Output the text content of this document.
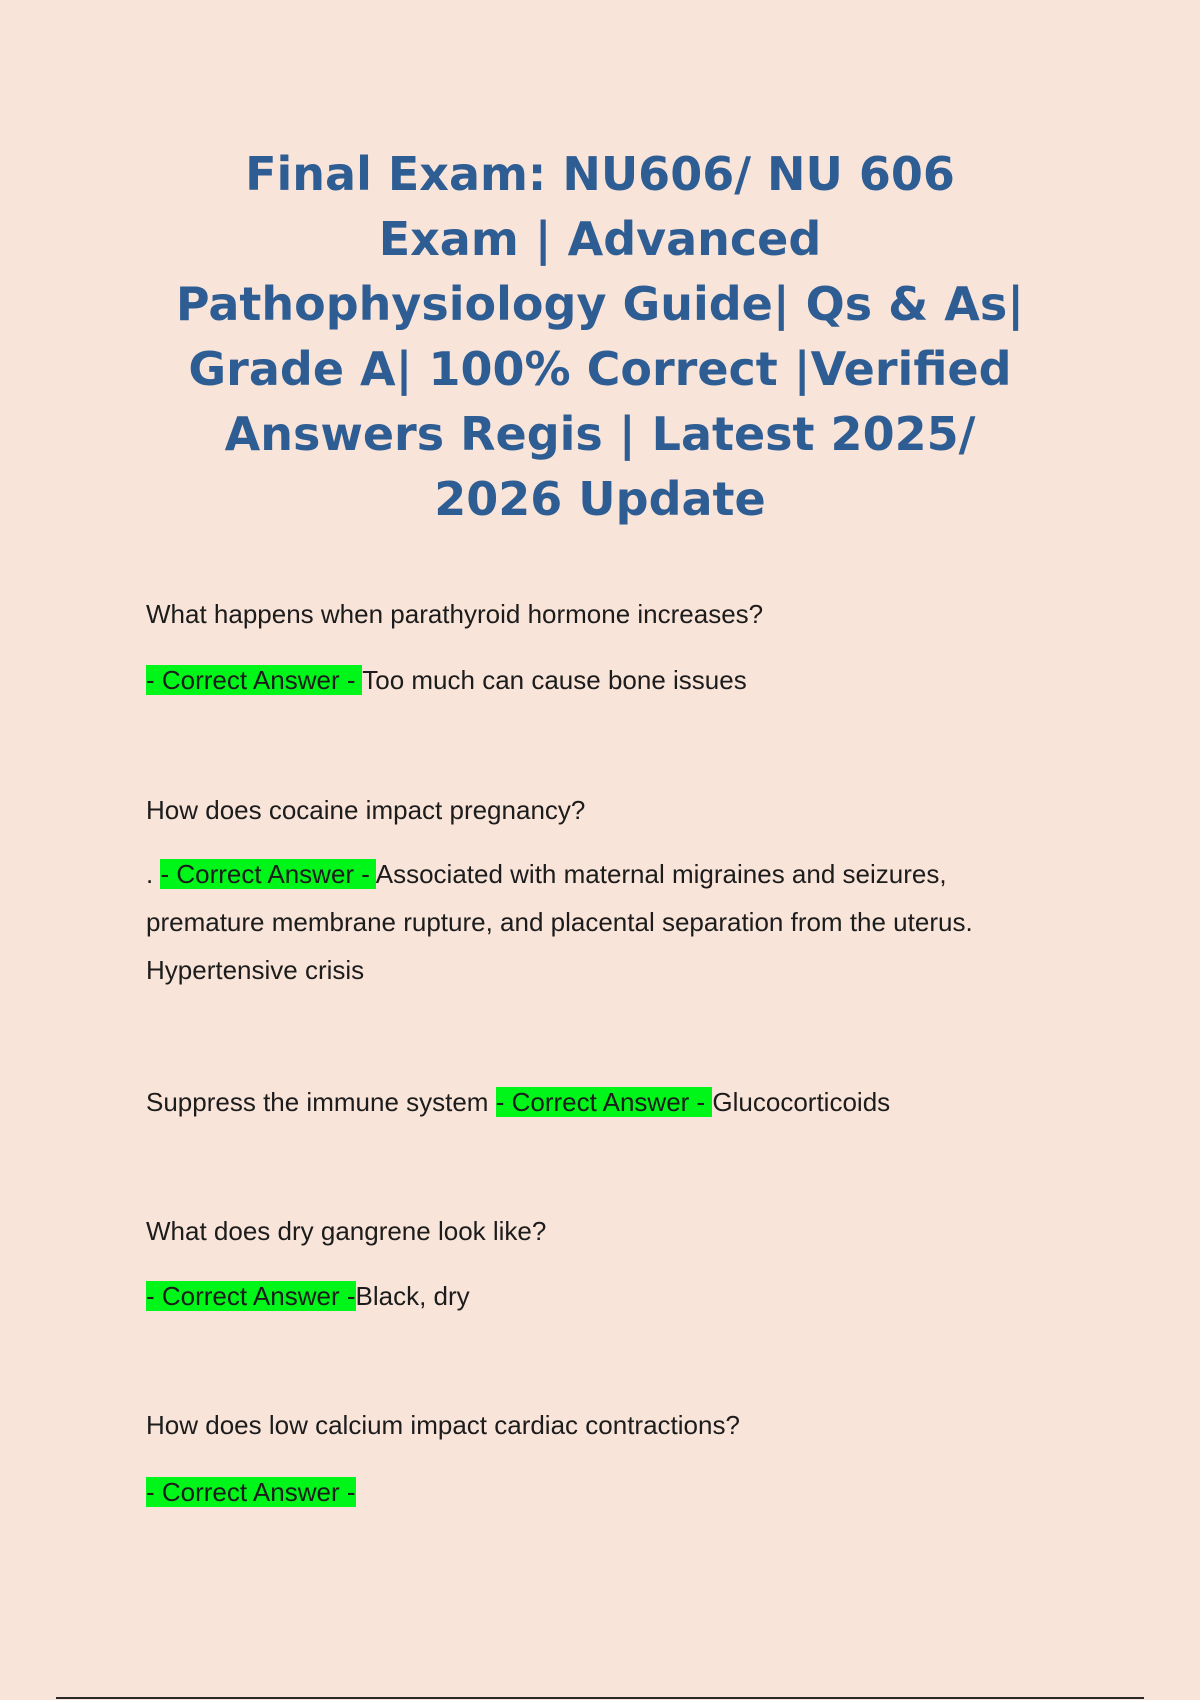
Final Exam: NU606/ NU 606
Exam | Advanced
Pathophysiology Guide| Qs & As|
Grade A| 100% Correct |Verified
Answers Regis | Latest 2025/
2026 Update

What happens when parathyroid hormone increases?

- Correct Answer - Too much can cause bone issues

How does cocaine impact pregnancy?

. - Correct Answer - Associated with maternal migraines and seizures,
premature membrane rupture, and placental separation from the uterus.
Hypertensive crisis

Suppress the immune system - Correct Answer - Glucocorticoids

What does dry gangrene look like?

- Correct Answer -Black, dry

How does low calcium impact cardiac contractions?

- Correct Answer -
